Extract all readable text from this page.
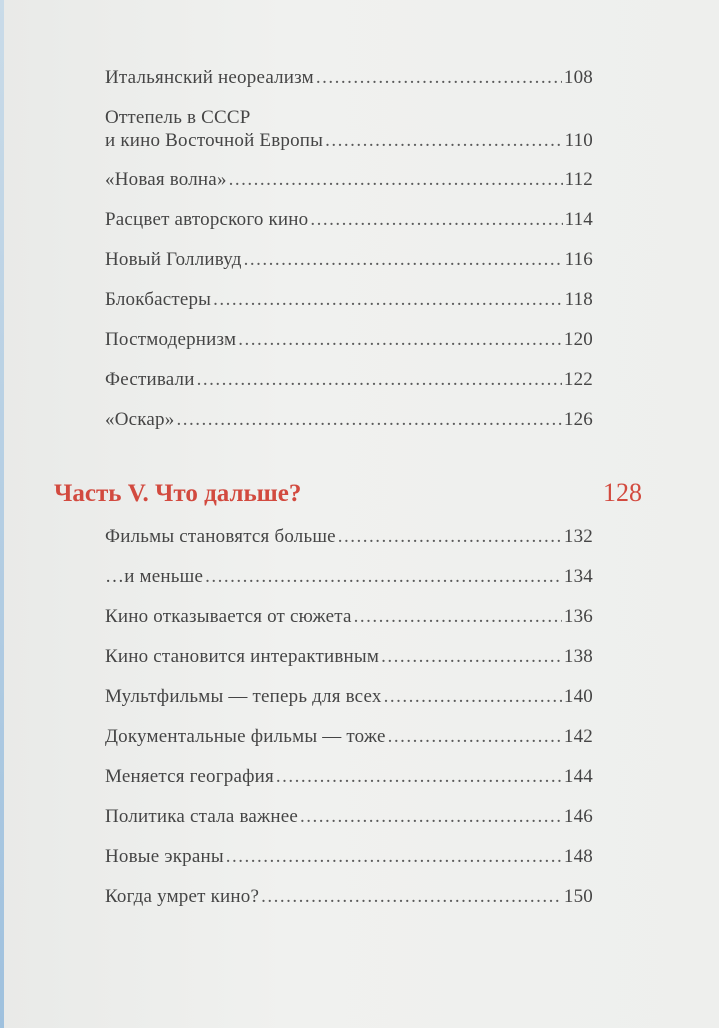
Итальянский неореализм .....	108
Оттепель в СССР
и кино Восточной Европы .....	110
«Новая волна» .....	112
Расцвет авторского кино .....	114
Новый Голливуд .....	116
Блокбастеры .....	118
Постмодернизм .....	120
Фестивали .....	122
«Оскар» .....	126
Часть V. Что дальше?	128
Фильмы становятся больше .....	132
…и меньше .....	134
Кино отказывается от сюжета .....	136
Кино становится интерактивным .....	138
Мультфильмы — теперь для всех .....	140
Документальные фильмы — тоже .....	142
Меняется география .....	144
Политика стала важнее .....	146
Новые экраны .....	148
Когда умрет кино? .....	150
